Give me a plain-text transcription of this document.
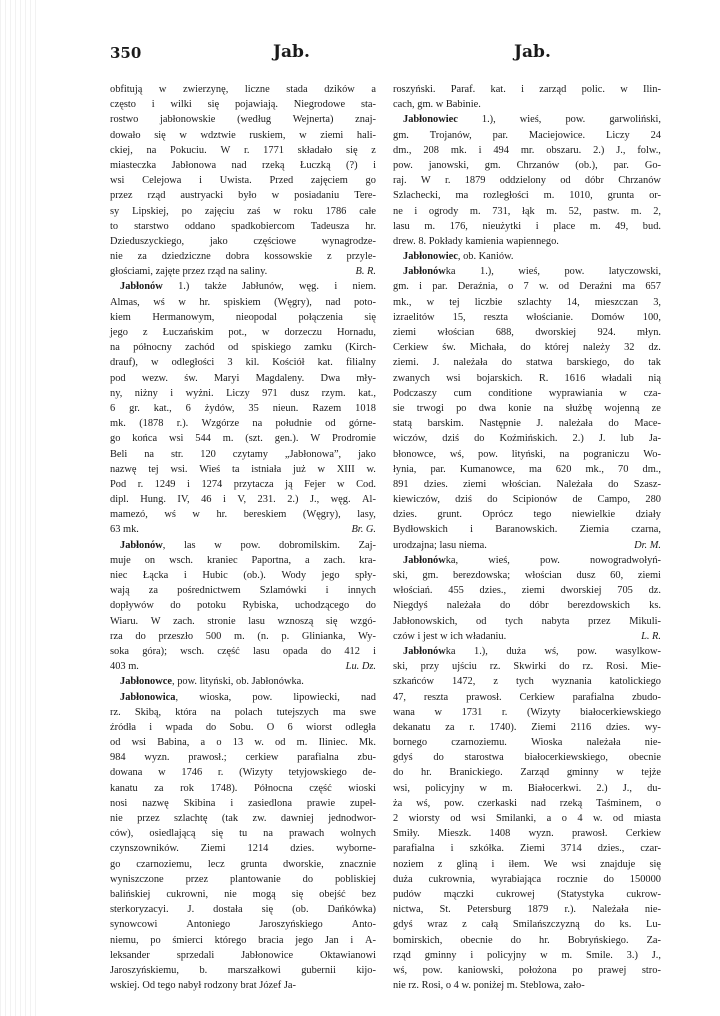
350	Jab.	Jab.
obfitują w zwierzynę, liczne stada dzików a
często i wilki się pojawiają. Niegrodowe sta-
rostwo jabłonowskie (według Wejnerta) znaj-
dowało się w wdztwie ruskiem, w ziemi hali-
ckiej, na Pokuciu. W r. 1771 składało się z
miasteczka Jabłonowa nad rzeką Łuczką (?) i
wsi Celejowa i Uwista. Przed zajęciem go
przez rząd austryacki było w posiadaniu Tere-
sy Lipskiej, po zajęciu zaś w roku 1786 całe
to starstwo oddano spadkobiercom Tadeusza hr.
Dzieduszyckiego, jako częściowe wynagrodze-
nie za dziedziczne dobra kossowskie z przyle-
głościami,
zajęte
przez
rząd
na
saliny.	B. R.
Jabłonów 1.) także Jabłunów, węg. i niem.
Almas, wś w hr. spiskiem (Węgry), nad poto-
kiem Hermanowym, nieopodal połączenia się
jego z Łuczańskim pot., w dorzeczu Hornadu,
na północny zachód od spiskiego zamku (Kirch-
drauf), w odległości 3 kil. Kościół kat. filialny
pod wezw. św. Maryi Magdaleny. Dwa mły-
ny, niżny i wyżni. Liczy 971 dusz rzym. kat.,
6 gr. kat., 6 żydów, 35 nieun. Razem 1018
mk. (1878 r.). Wzgórze na południe od górne-
go końca wsi 544 m. (szt. gen.). W Prodromie
Beli na str. 120 czytamy „Jabłonowa”, jako
nazwę tej wsi. Wieś ta istniała już w XIII w.
Pod r. 1249 i 1274 przytacza ją Fejer w Cod.
dipl. Hung. IV, 46 i V, 231. 2.) J., węg. Al-
mamezó, wś w hr. bereskiem (Węgry), lasy,
63
mk.	Br. G.
Jabłonów, las w pow. dobromilskim. Zaj-
muje on wsch. kraniec Paportna, a zach. kra-
niec Łącka i Hubic (ob.). Wody jego spły-
wają za pośrednictwem Szlamówki i innych
dopływów do potoku Rybiska, uchodzącego do
Wiaru. W zach. stronie lasu wznoszą się wzgó-
rza do przeszło 500 m. (n. p. Glinianka, Wy-
soka góra); wsch. część lasu opada do 412 i
403
m.	Lu. Dz.
Jabłonowce,
pow.
lityński,
ob.
Jabłonówka.
Jabłonowica, wioska, pow. lipowiecki, nad
rz. Skibą, która na polach tutejszych ma swe
źródła i wpada do Sobu. O 6 wiorst odległa
od wsi Babina, a o 13 w. od m. Iliniec. Mk.
984 wyzn. prawosł.; cerkiew parafialna zbu-
dowana w 1746 r. (Wizyty tetyjowskiego de-
kanatu za rok 1748). Północna część wioski
nosi nazwę Skibina i zasiedlona prawie zupeł-
nie przez szlachtę (tak zw. dawniej jednodwor-
ców), osiedlającą się tu na prawach wolnych
czynszowników. Ziemi 1214 dzies. wyborne-
go czarnoziemu, lecz grunta dworskie, znacznie
wyniszczone przez plantowanie do pobliskiej
balińskiej cukrowni, nie mogą się obejść bez
sterkoryzacyi. J. dostała się (ob. Dańkówka)
synowcowi	Antoniego	Jaroszyńskiego	Anto-
niemu, po śmierci którego bracia jego Jan i A-
leksander	sprzedali	Jabłonowice	Oktawianowi
Jaroszyńskiemu, b. marszałkowi gubernii kijo-
wskiej.
Od
tego
nabył
rodzony
brat
Józef
Ja-
roszyński. Paraf. kat. i zarząd polic. w Ilin-
cach,
gm.
w
Babinie.
Jabłonowiec 1.), wieś, pow. garwoliński,
gm. Trojanów, par. Maciejowice. Liczy 24
dm., 208 mk. i 494 mr. obszaru. 2.) J., folw.,
pow. janowski, gm. Chrzanów (ob.), par. Go-
raj. W r. 1879 oddzielony od dóbr Chrzanów
Szlachecki, ma rozległości m. 1010, grunta or-
ne i ogrody m. 731, łąk m. 52, pastw. m. 2,
lasu m. 176, nieużytki i place m. 49, bud.
drew.
8.
Pokłady
kamienia
wapiennego.
Jabłonowiec,
ob.
Kaniów.
Jabłonówka 1.), wieś, pow. latyczowski,
gm. i par. Deraźnia, o 7 w. od Deraźni ma 657
mk., w tej liczbie szlachty 14, mieszczan 3,
izraelitów 15, reszta włościanie. Domów 100,
ziemi włościan 688, dworskiej 924. młyn.
Cerkiew św. Michała, do której należy 32 dz.
ziemi. J. należała do statwa barskiego, do tak
zwanych wsi bojarskich. R. 1616 władali nią
Podczaszy cum conditione wyprawiania w cza-
sie trwogi po dwa konie na służbę wojenną ze
statą barskim. Następnie J. należała do Mace-
wiczów, dziś do Koźmińskich. 2.) J. lub Ja-
błonowce, wś, pow. lityński, na pograniczu Wo-
łynia, par. Kumanowce, ma 620 mk., 70 dm.,
891 dzies. ziemi włościan. Należała do Szasz-
kiewiczów, dziś do Scipionów de Campo, 280
dzies. grunt. Oprócz tego niewielkie działy
Bydłowskich i Baranowskich. Ziemia czarna,
urodzajna;
lasu
niema.	Dr. M.
Jabłonówka,	wieś,	pow.	nowogradwołyń-
ski, gm. berezdowska; włościan dusz 60, ziemi
włościań. 455 dzies., ziemi dworskiej 705 dz.
Niegdyś należała do dóbr berezdowskich ks.
Jabłonowskich, od tych nabyta przez Mikuli-
czów
i
jest
w
ich
władaniu.	L. R.
Jabłonówka 1.), duża wś, pow. wasylkow-
ski, przy ujściu rz. Skwirki do rz. Rosi. Mie-
szkańców 1472, z tych wyznania katolickiego
47, reszta prawosł. Cerkiew parafialna zbudo-
wana w 1731 r. (Wizyty białocerkiewskiego
dekanatu za r. 1740). Ziemi 2116 dzies. wy-
bornego czarnoziemu. Wioska należała nie-
gdyś do starostwa białocerkiewskiego, obecnie
do hr. Branickiego. Zarząd gminny w tejże
wsi, policyjny w m. Białocerkwi. 2.) J., du-
ża wś, pow. czerkaski nad rzeką Taśminem, o
2 wiorsty od wsi Smilanki, a o 4 w. od miasta
Smiły. Mieszk. 1408 wyzn. prawosł. Cerkiew
parafialna i szkółka. Ziemi 3714 dzies., czar-
noziem z gliną i iłem. We wsi znajduje się
duża cukrownia, wyrabiająca rocznie do 150000
pudów mączki cukrowej (Statystyka cukrow-
nictwa, St. Petersburg 1879 r.). Należała nie-
gdyś wraz z całą Smilańszczyzną do ks. Lu-
bomirskich, obecnie do hr. Bobryńskiego. Za-
rząd gminny i policyjny w m. Smile. 3.) J.,
wś, pow. kaniowski, położona po prawej stro-
nie
rz.
Rosi,
o
4
w.
poniżej
m.
Steblowa,
zało-
